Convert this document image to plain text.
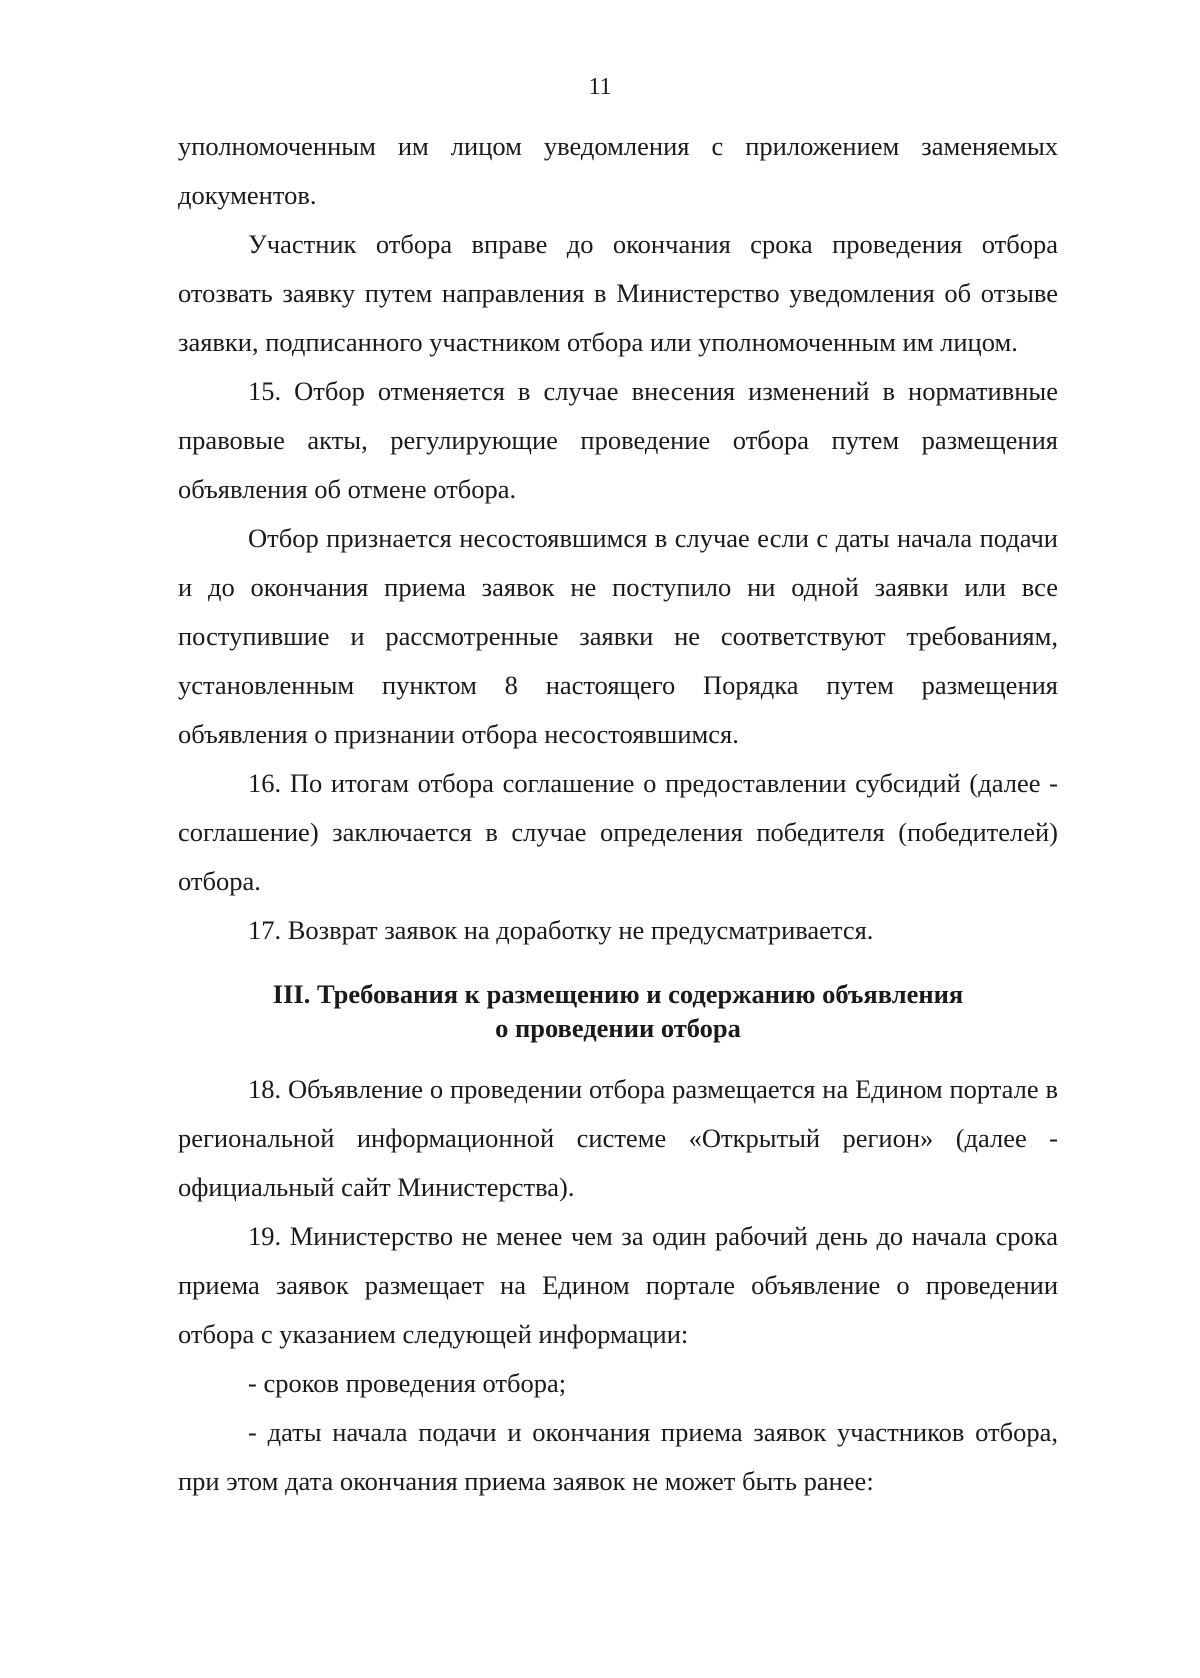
11

уполномоченным им лицом уведомления с приложением заменяемых документов.

Участник отбора вправе до окончания срока проведения отбора отозвать заявку путем направления в Министерство уведомления об отзыве заявки, подписанного участником отбора или уполномоченным им лицом.

15. Отбор отменяется в случае внесения изменений в нормативные правовые акты, регулирующие проведение отбора путем размещения объявления об отмене отбора.

Отбор признается несостоявшимся в случае если с даты начала подачи и до окончания приема заявок не поступило ни одной заявки или все поступившие и рассмотренные заявки не соответствуют требованиям, установленным пунктом 8 настоящего Порядка путем размещения объявления о признании отбора несостоявшимся.

16. По итогам отбора соглашение о предоставлении субсидий (далее - соглашение) заключается в случае определения победителя (победителей) отбора.

17. Возврат заявок на доработку не предусматривается.

III. Требования к размещению и содержанию объявления
о проведении отбора

18. Объявление о проведении отбора размещается на Едином портале в региональной информационной системе «Открытый регион» (далее - официальный сайт Министерства).

19. Министерство не менее чем за один рабочий день до начала срока приема заявок размещает на Едином портале объявление о проведении отбора с указанием следующей информации:

- сроков проведения отбора;

- даты начала подачи и окончания приема заявок участников отбора, при этом дата окончания приема заявок не может быть ранее:
